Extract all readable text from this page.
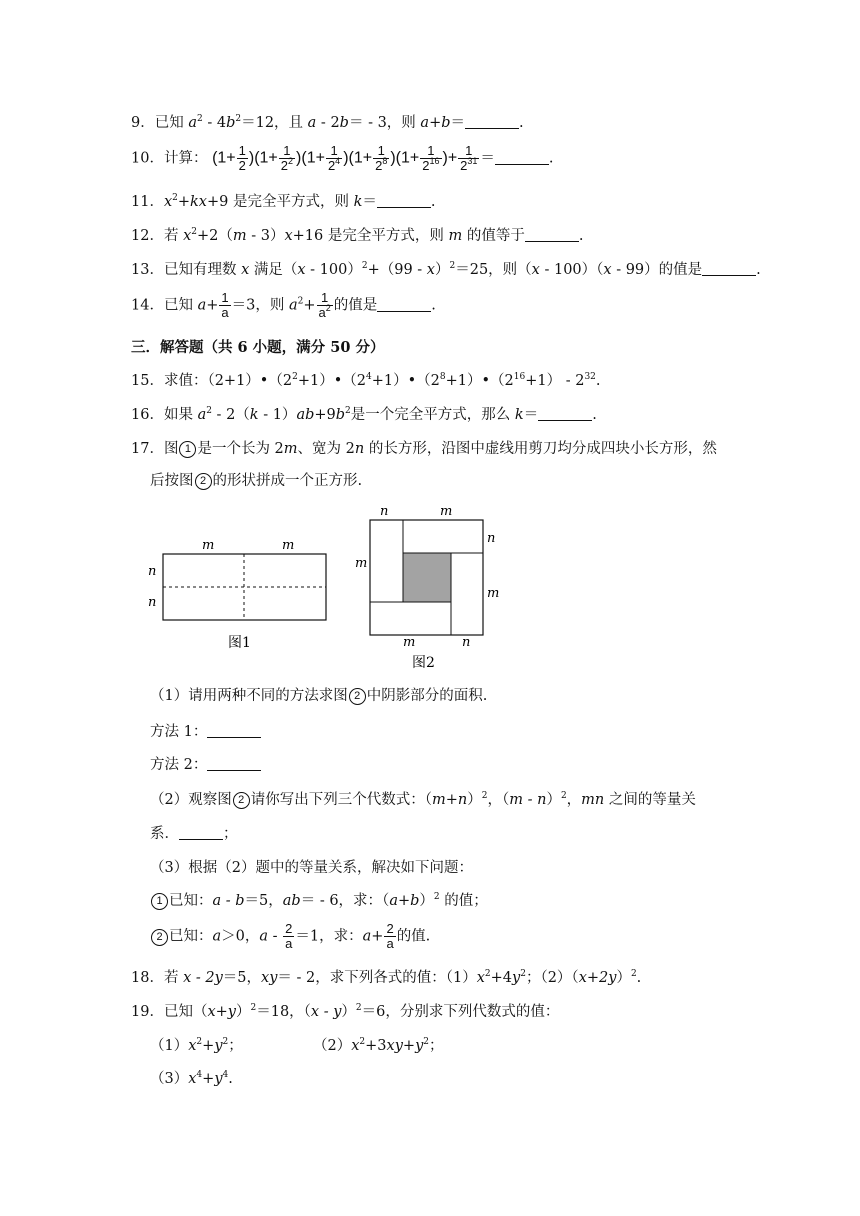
9．已知 $a^2 - 4b^2=12$，且 a - 2b＝ - 3，则 a+b＝	.
10．计算： $(1+ \frac{1}{2} )(1+ \frac{1}{2^2} )(1+ \frac{1}{2^4} )(1+ \frac{1}{2^8} )(1+ \frac{1}{2^{16}}$ )+ $\frac{1}{2^{31}}$ ＝	.
11．$x^2+kx+9$ 是完全平方式，则 k＝	.
12．若 $x^2+2(m - 3)x+16$ 是完全平方式，则 m 的值等于	.
13．已知有理数 x 满足（x - 100）$^2$+（99 - x）$^2$＝25，则（x - 100）（x - 99）的值是	.
14．已知 $a+ \frac{1}{a} =3$，则 $a^2+ \frac{1}{a^2}$ 的值是	.
三．解答题（共 6 小题，满分 50 分）
15．求值：$(2+1)•(2^2+1)•(2^4+1)•(2^8+1)•(2^{16}+1) - 2^{32}$.
16．如果 $a^2 - 2(k - 1)ab+9b^2$是一个完全平方式，那么 k＝	.
17．图 1 是一个长为 2m、宽为 2n 的长方形，沿图中虚线用剪刀均分成四块小长方形，然
后按图 2 的形状拼成一个正方形.
m	m
n
n
图1
n	m
n
m
m
m	n
图2
（1）请用两种不同的方法求图 2 中阴影部分的面积.
方法 1：
方法 2：
（2）观察图 2 请你写出下列三个代数式：$(m+n)^2$，（m - n）$^2$，mn 之间的等量关
系．	；
（3）根据（2）题中的等量关系，解决如下问题：
1 已知：a - b＝5，ab＝ - 6，求：$(a+b)^2$ 的值；
2 已知：a＞0，$a - \frac{2}{a} =1$，求：$a+ \frac{2}{a}$ 的值.
18．若 x - 2y＝5，xy＝ - 2，求下列各式的值：$(1)x^2+4y^2$；$(2)(x+2y)^2$.
19．已知$(x+y)^2=18$，（x - y）$^2$＝6，分别求下列代数式的值：
$(1)x^2+y^2$；	$(2)x^2+3xy+y^2$；
$(3)x^4+y^4$.
